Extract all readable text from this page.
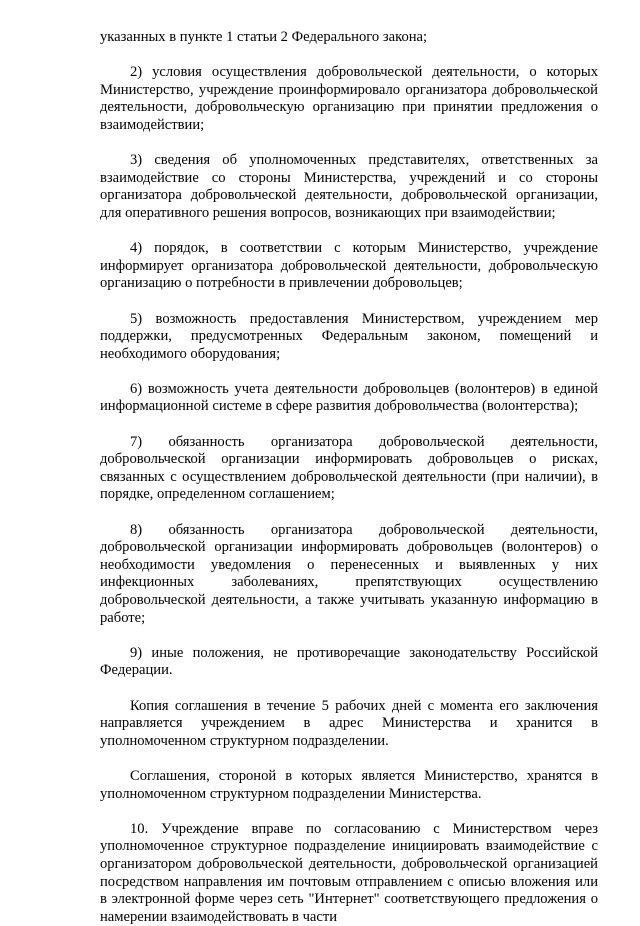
указанных в пункте 1 статьи 2 Федерального закона;

2) условия осуществления добровольческой деятельности, о которых Министерство, учреждение проинформировало организатора добровольческой деятельности, добровольческую организацию при принятии предложения о взаимодействии;

3) сведения об уполномоченных представителях, ответственных за взаимодействие со стороны Министерства, учреждений и со стороны организатора добровольческой деятельности, добровольческой организации, для оперативного решения вопросов, возникающих при взаимодействии;

4) порядок, в соответствии с которым Министерство, учреждение информирует организатора добровольческой деятельности, добровольческую организацию о потребности в привлечении добровольцев;

5) возможность предоставления Министерством, учреждением мер поддержки, предусмотренных Федеральным законом, помещений и необходимого оборудования;

6) возможность учета деятельности добровольцев (волонтеров) в единой информационной системе в сфере развития добровольчества (волонтерства);

7) обязанность организатора добровольческой деятельности, добровольческой организации информировать добровольцев о рисках, связанных с осуществлением добровольческой деятельности (при наличии), в порядке, определенном соглашением;

8) обязанность организатора добровольческой деятельности, добровольческой организации информировать добровольцев (волонтеров) о необходимости уведомления о перенесенных и выявленных у них инфекционных заболеваниях, препятствующих осуществлению добровольческой деятельности, а также учитывать указанную информацию в работе;

9) иные положения, не противоречащие законодательству Российской Федерации.

Копия соглашения в течение 5 рабочих дней с момента его заключения направляется учреждением в адрес Министерства и хранится в уполномоченном структурном подразделении.

Соглашения, стороной в которых является Министерство, хранятся в уполномоченном структурном подразделении Министерства.

10. Учреждение вправе по согласованию с Министерством через уполномоченное структурное подразделение инициировать взаимодействие с организатором добровольческой деятельности, добровольческой организацией посредством направления им почтовым отправлением с описью вложения или в электронной форме через сеть "Интернет" соответствующего предложения о намерении взаимодействовать в части
